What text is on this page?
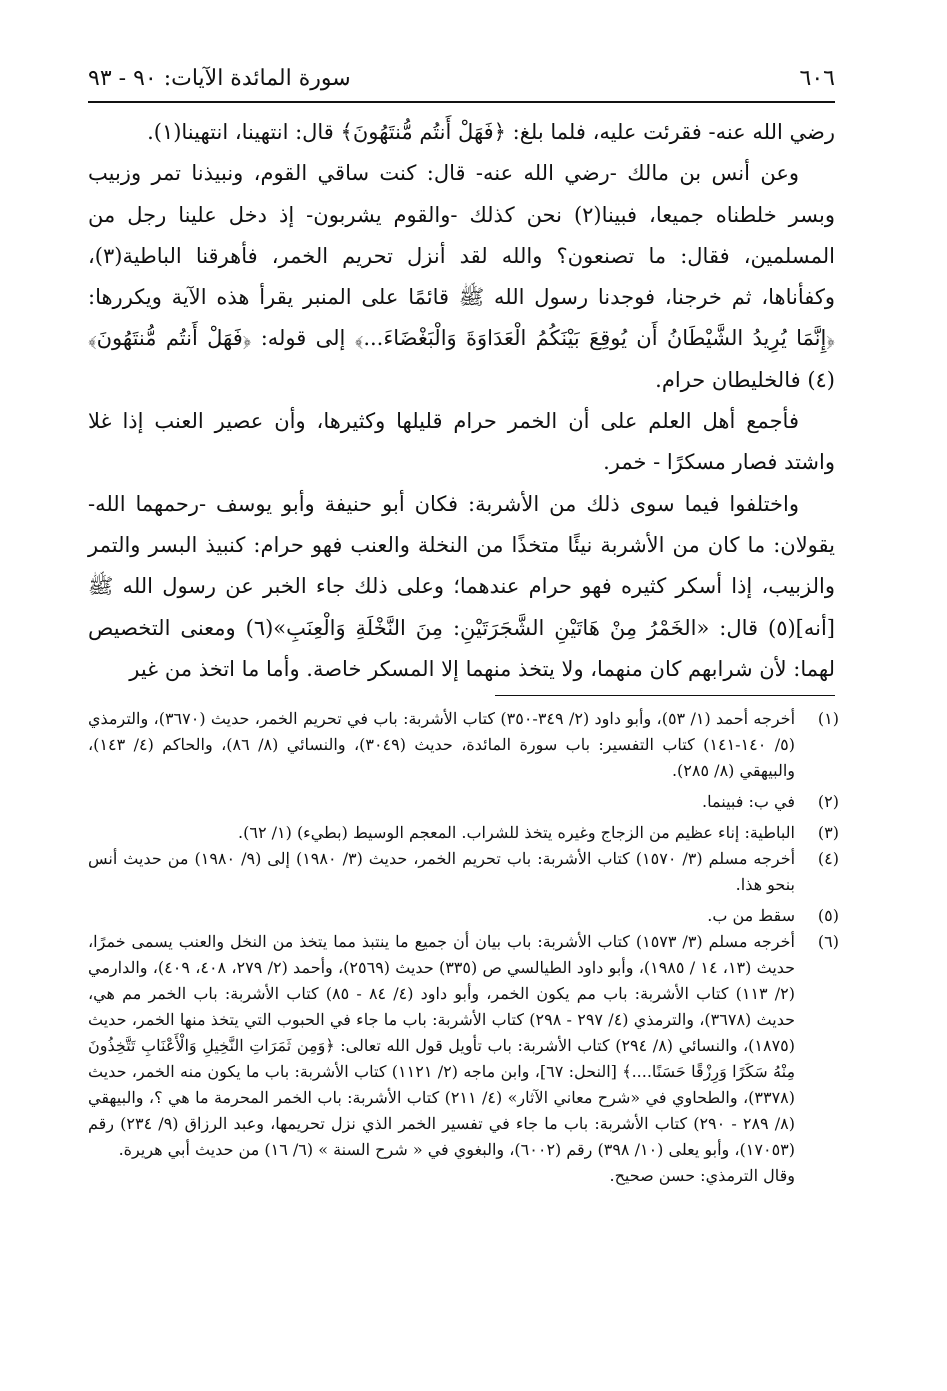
٦٠٦
سورة المائدة الآيات: ٩٠ - ٩٣

رضي الله عنه- فقرئت عليه، فلما بلغ: ﴿فَهَلْ أَنتُم مُّنتَهُونَ﴾ قال: انتهينا، انتهينا(١).

وعن أنس بن مالك -رضي الله عنه- قال: كنت ساقي القوم، ونبيذنا تمر وزبيب وبسر خلطناه جميعا، فبينا(٢) نحن كذلك -والقوم يشربون- إذ دخل علينا رجل من المسلمين، فقال: ما تصنعون؟ والله لقد أنزل تحريم الخمر، فأهرقنا الباطية(٣)، وكفأناها، ثم خرجنا، فوجدنا رسول الله ﷺ قائمًا على المنبر يقرأ هذه الآية ويكررها: ﴿إِنَّمَا يُرِيدُ الشَّيْطَانُ أَن يُوقِعَ بَيْنَكُمُ الْعَدَاوَةَ وَالْبَغْضَاءَ...﴾ إلى قوله: ﴿فَهَلْ أَنتُم مُّنتَهُونَ﴾ (٤) فالخليطان حرام.

فأجمع أهل العلم على أن الخمر حرام قليلها وكثيرها، وأن عصير العنب إذا غلا واشتد فصار مسكرًا - خمر.

واختلفوا فيما سوى ذلك من الأشربة: فكان أبو حنيفة وأبو يوسف -رحمهما الله- يقولان: ما كان من الأشربة نيئًا متخذًا من النخلة والعنب فهو حرام: كنبيذ البسر والتمر والزبيب، إذا أسكر كثيره فهو حرام عندهما؛ وعلى ذلك جاء الخبر عن رسول الله ﷺ [أنه](٥) قال: «الخَمْرُ مِنْ هَاتَيْنِ الشَّجَرَتَيْنِ: مِنَ النَّخْلَةِ وَالْعِنَبِ»(٦) ومعنى التخصيص لهما: لأن شرابهم كان منهما، ولا يتخذ منهما إلا المسكر خاصة. وأما ما اتخذ من غير

(١)
أخرجه أحمد (١/ ٥٣)، وأبو داود (٢/ ٣٤٩-٣٥٠) كتاب الأشربة: باب في تحريم الخمر، حديث (٣٦٧٠)، والترمذي (٥/ ١٤٠-١٤١) كتاب التفسير: باب سورة المائدة، حديث (٣٠٤٩)، والنسائي (٨/ ٨٦)، والحاكم (٤/ ١٤٣)، والبيهقي (٨/ ٢٨٥).
(٢)
في ب: فبينما.
(٣)
الباطية: إناء عظيم من الزجاج وغيره يتخذ للشراب. المعجم الوسيط (بطيء) (١/ ٦٢).
(٤)
أخرجه مسلم (٣/ ١٥٧٠) كتاب الأشربة: باب تحريم الخمر، حديث (٣/ ١٩٨٠) إلى (٩/ ١٩٨٠) من حديث أنس بنحو هذا.
(٥)
سقط من ب.
(٦)
أخرجه مسلم (٣/ ١٥٧٣) كتاب الأشربة: باب بيان أن جميع ما ينتبذ مما يتخذ من النخل والعنب يسمى خمرًا، حديث (١٣، ١٤ / ١٩٨٥)، وأبو داود الطيالسي ص (٣٣٥) حديث (٢٥٦٩)، وأحمد (٢/ ٢٧٩، ٤٠٨، ٤٠٩)، والدارمي (٢/ ١١٣) كتاب الأشربة: باب مم يكون الخمر، وأبو داود (٤/ ٨٤ - ٨٥) كتاب الأشربة: باب الخمر مم هي، حديث (٣٦٧٨)، والترمذي (٤/ ٢٩٧ - ٢٩٨) كتاب الأشربة: باب ما جاء في الحبوب التي يتخذ منها الخمر، حديث (١٨٧٥)، والنسائي (٨/ ٢٩٤) كتاب الأشربة: باب تأويل قول الله تعالى: ﴿وَمِن ثَمَرَاتِ النَّخِيلِ وَالْأَعْنَابِ تَتَّخِذُونَ مِنْهُ سَكَرًا وَرِزْقًا حَسَنًا....﴾ [النحل: ٦٧]، وابن ماجه (٢/ ١١٢١) كتاب الأشربة: باب ما يكون منه الخمر، حديث (٣٣٧٨)، والطحاوي في «شرح معاني الآثار» (٤/ ٢١١) كتاب الأشربة: باب الخمر المحرمة ما هي ؟، والبيهقي (٨/ ٢٨٩ - ٢٩٠) كتاب الأشربة: باب ما جاء في تفسير الخمر الذي نزل تحريمها، وعبد الرزاق (٩/ ٢٣٤) رقم (١٧٠٥٣)، وأبو يعلى (١٠/ ٣٩٨) رقم (٦٠٠٢)، والبغوي في « شرح السنة » (٦/ ١٦) من حديث أبي هريرة.
وقال الترمذي: حسن صحيح.
